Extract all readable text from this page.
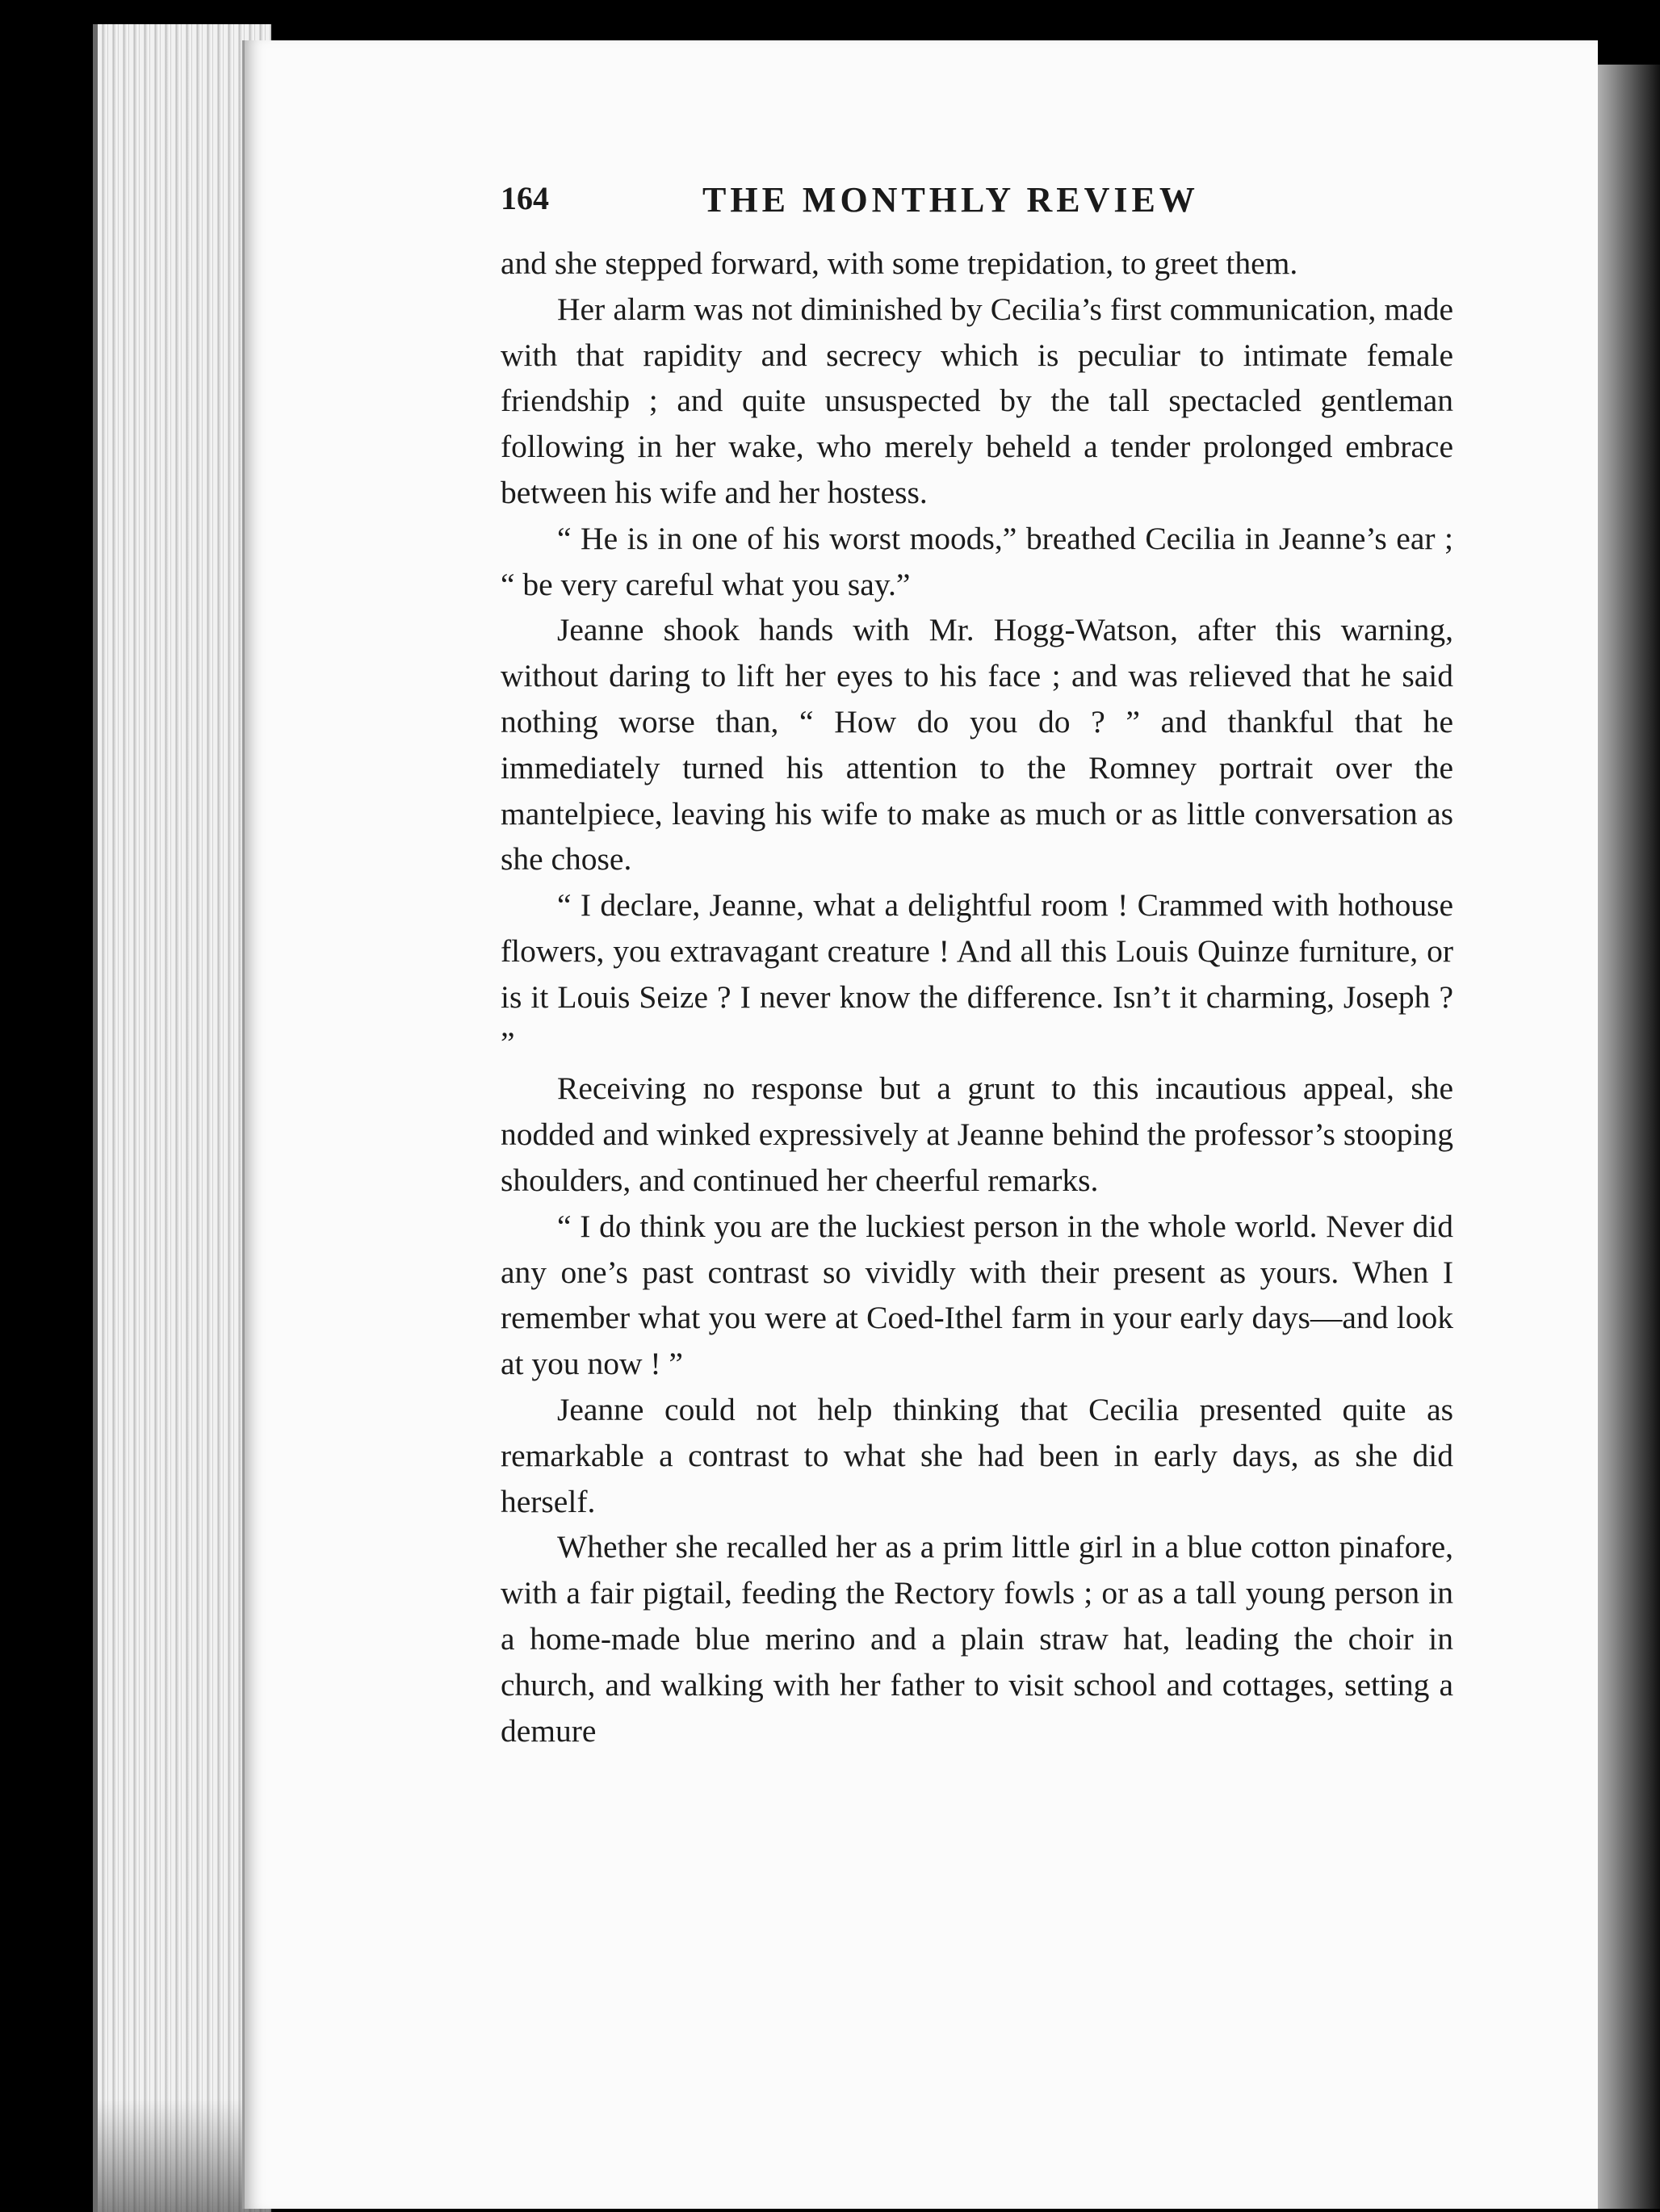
164	THE MONTHLY REVIEW

and she stepped forward, with some trepidation, to greet them.

Her alarm was not diminished by Cecilia’s first communication, made with that rapidity and secrecy which is peculiar to intimate female friendship ; and quite unsuspected by the tall spectacled gentleman following in her wake, who merely beheld a tender prolonged embrace between his wife and her hostess.

“ He is in one of his worst moods,” breathed Cecilia in Jeanne’s ear ; “ be very careful what you say.”

Jeanne shook hands with Mr. Hogg-Watson, after this warning, without daring to lift her eyes to his face ; and was relieved that he said nothing worse than, “ How do you do ? ” and thankful that he immediately turned his attention to the Romney portrait over the mantelpiece, leaving his wife to make as much or as little conversation as she chose.

“ I declare, Jeanne, what a delightful room ! Crammed with hothouse flowers, you extravagant creature ! And all this Louis Quinze furniture, or is it Louis Seize ? I never know the difference. Isn’t it charming, Joseph ? ”

Receiving no response but a grunt to this incautious appeal, she nodded and winked expressively at Jeanne behind the professor’s stooping shoulders, and continued her cheerful remarks.

“ I do think you are the luckiest person in the whole world. Never did any one’s past contrast so vividly with their present as yours. When I remember what you were at Coed-Ithel farm in your early days—and look at you now ! ”

Jeanne could not help thinking that Cecilia presented quite as remarkable a contrast to what she had been in early days, as she did herself.

Whether she recalled her as a prim little girl in a blue cotton pinafore, with a fair pigtail, feeding the Rectory fowls ; or as a tall young person in a home-made blue merino and a plain straw hat, leading the choir in church, and walking with her father to visit school and cottages, setting a demure
